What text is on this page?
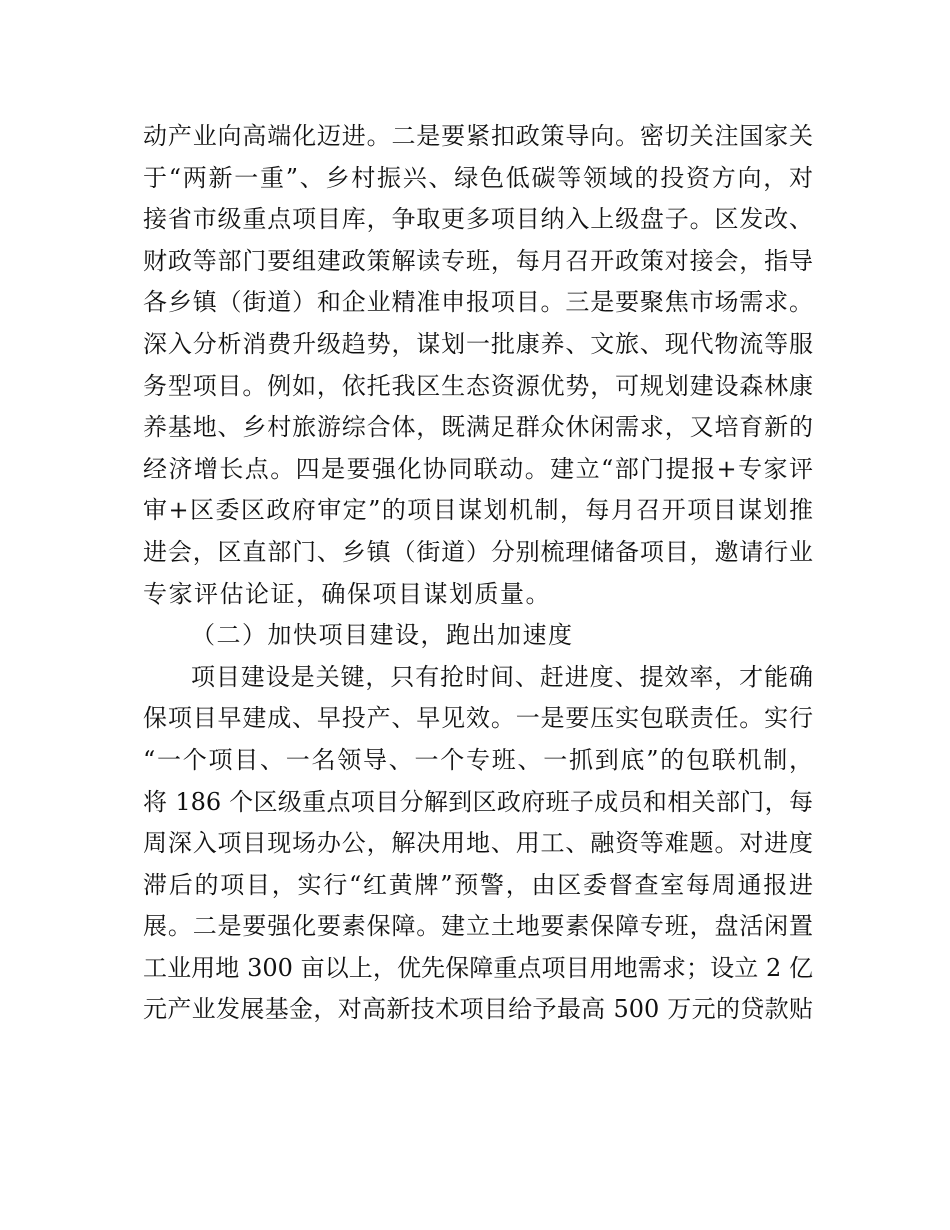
动产业向高端化迈进。二是要紧扣政策导向。密切关注国家关
于“两新一重”、乡村振兴、绿色低碳等领域的投资方向，对
接省市级重点项目库，争取更多项目纳入上级盘子。区发改、
财政等部门要组建政策解读专班，每月召开政策对接会，指导
各乡镇（街道）和企业精准申报项目。三是要聚焦市场需求。
深入分析消费升级趋势，谋划一批康养、文旅、现代物流等服
务型项目。例如，依托我区生态资源优势，可规划建设森林康
养基地、乡村旅游综合体，既满足群众休闲需求，又培育新的
经济增长点。四是要强化协同联动。建立“部门提报+专家评
审+区委区政府审定”的项目谋划机制，每月召开项目谋划推
进会，区直部门、乡镇（街道）分别梳理储备项目，邀请行业
专家评估论证，确保项目谋划质量。
（二）加快项目建设，跑出加速度
项目建设是关键，只有抢时间、赶进度、提效率，才能确
保项目早建成、早投产、早见效。一是要压实包联责任。实行
“一个项目、一名领导、一个专班、一抓到底”的包联机制，
将 186 个区级重点项目分解到区政府班子成员和相关部门，每
周深入项目现场办公，解决用地、用工、融资等难题。对进度
滞后的项目，实行“红黄牌”预警，由区委督查室每周通报进
展。二是要强化要素保障。建立土地要素保障专班，盘活闲置
工业用地 300 亩以上，优先保障重点项目用地需求；设立 2 亿
元产业发展基金，对高新技术项目给予最高 500 万元的贷款贴
